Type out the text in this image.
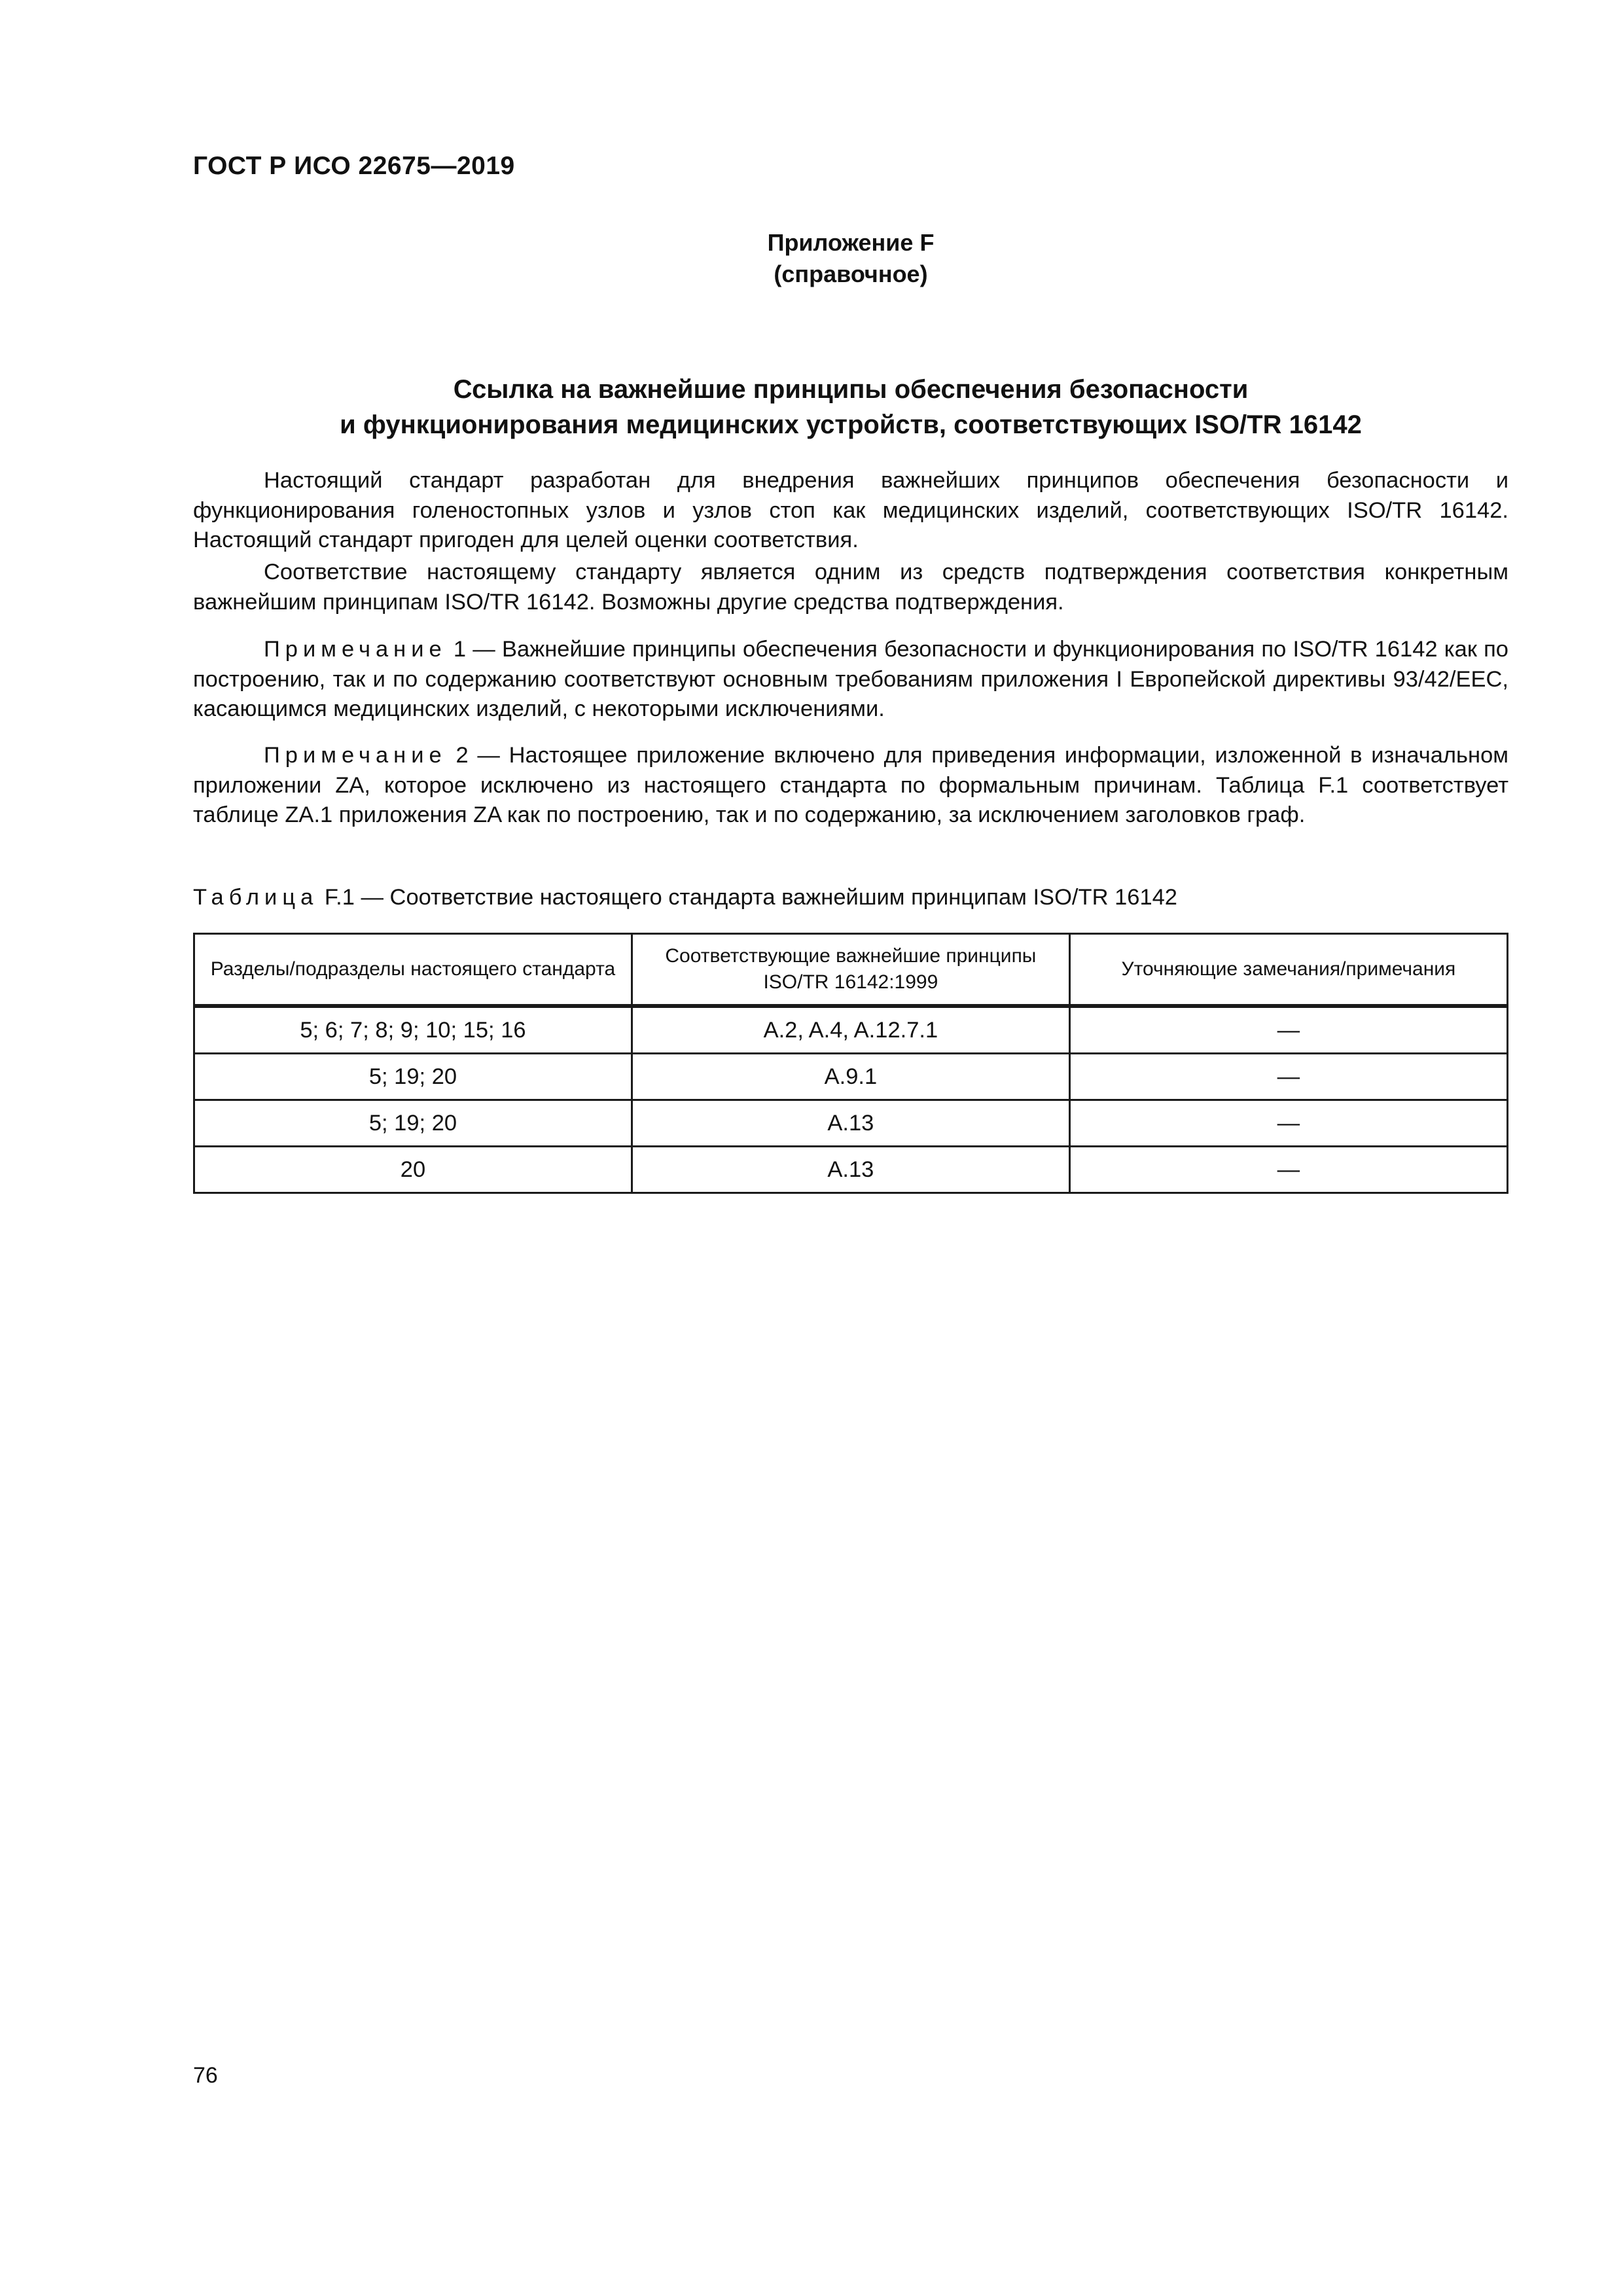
ГОСТ Р ИСО 22675—2019
Приложение F
(справочное)
Ссылка на важнейшие принципы обеспечения безопасности
и функционирования медицинских устройств, соответствующих ISO/TR 16142

Настоящий стандарт разработан для внедрения важнейших принципов обеспечения безопасности и функционирования голеностопных узлов и узлов стоп как медицинских изделий, соответствующих ISO/TR 16142. Настоящий стандарт пригоден для целей оценки соответствия.

Соответствие настоящему стандарту является одним из средств подтверждения соответствия конкретным важнейшим принципам ISO/TR 16142. Возможны другие средства подтверждения.

Примечание 1 — Важнейшие принципы обеспечения безопасности и функционирования по ISO/TR 16142 как по построению, так и по содержанию соответствуют основным требованиям приложения I Европейской директивы 93/42/EEC, касающимся медицинских изделий, с некоторыми исключениями.

Примечание 2 — Настоящее приложение включено для приведения информации, изложенной в изначальном приложении ZA, которое исключено из настоящего стандарта по формальным причинам. Таблица F.1 соответствует таблице ZA.1 приложения ZA как по построению, так и по содержанию, за исключением заголовков граф.

Таблица F.1 — Соответствие настоящего стандарта важнейшим принципам ISO/TR 16142
Разделы/подразделы настоящего стандарта	Соответствующие важнейшие принципы ISO/TR 16142:1999	Уточняющие замечания/примечания
5; 6; 7; 8; 9; 10; 15; 16	A.2, A.4, A.12.7.1	—
5; 19; 20	A.9.1	—
5; 19; 20	A.13	—
20	A.13	—
76
